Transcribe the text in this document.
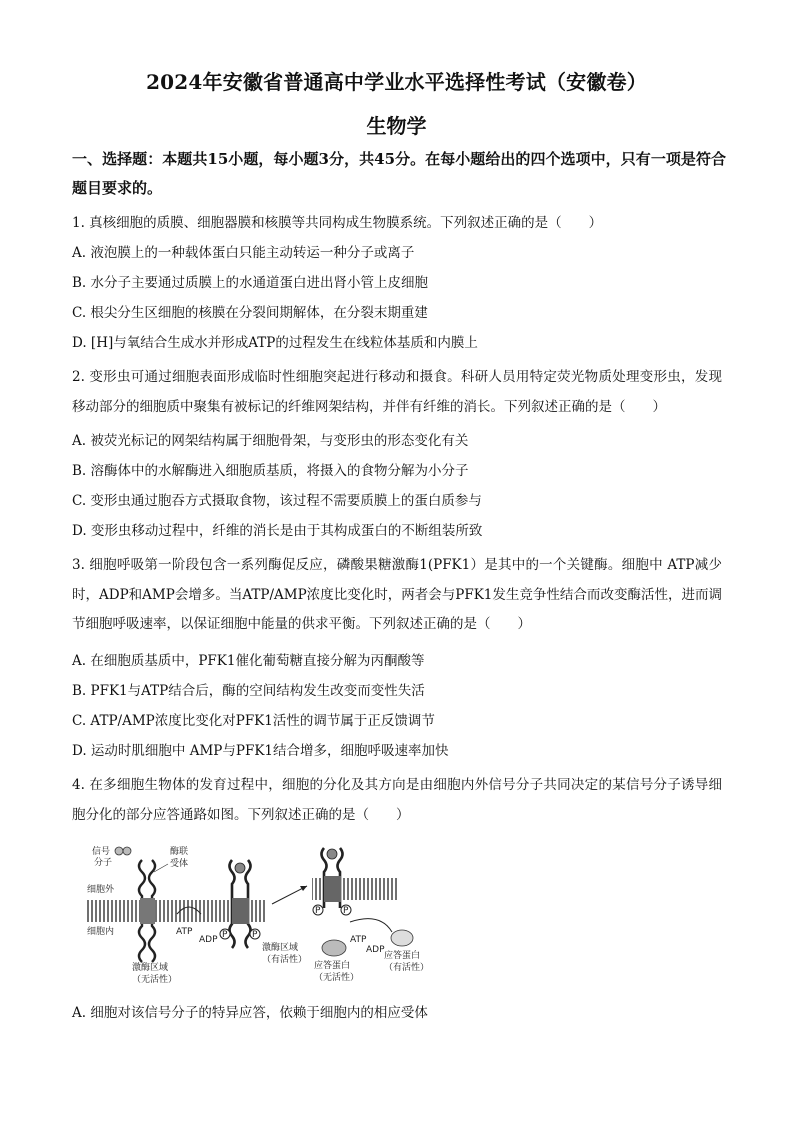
2024年安徽省普通高中学业水平选择性考试（安徽卷）
生物学
一、选择题：本题共15小题，每小题3分，共45分。在每小题给出的四个选项中，只有一项是符合题目要求的。
1. 真核细胞的质膜、细胞器膜和核膜等共同构成生物膜系统。下列叙述正确的是（　　）
A. 液泡膜上的一种载体蛋白只能主动转运一种分子或离子
B. 水分子主要通过质膜上的水通道蛋白进出肾小管上皮细胞
C. 根尖分生区细胞的核膜在分裂间期解体，在分裂末期重建
D. [H]与氧结合生成水并形成ATP的过程发生在线粒体基质和内膜上
2. 变形虫可通过细胞表面形成临时性细胞突起进行移动和摄食。科研人员用特定荧光物质处理变形虫，发现移动部分的细胞质中聚集有被标记的纤维网架结构，并伴有纤维的消长。下列叙述正确的是（　　）
A. 被荧光标记的网架结构属于细胞骨架，与变形虫的形态变化有关
B. 溶酶体中的水解酶进入细胞质基质，将摄入的食物分解为小分子
C. 变形虫通过胞吞方式摄取食物，该过程不需要质膜上的蛋白质参与
D. 变形虫移动过程中，纤维的消长是由于其构成蛋白的不断组装所致
3. 细胞呼吸第一阶段包含一系列酶促反应，磷酸果糖激酶1(PFK1）是其中的一个关键酶。细胞中 ATP减少时，ADP和AMP会增多。当ATP/AMP浓度比变化时，两者会与PFK1发生竞争性结合而改变酶活性，进而调节细胞呼吸速率，以保证细胞中能量的供求平衡。下列叙述正确的是（　　）
A. 在细胞质基质中，PFK1催化葡萄糖直接分解为丙酮酸等
B. PFK1与ATP结合后，酶的空间结构发生改变而变性失活
C. ATP/AMP浓度比变化对PFK1活性的调节属于正反馈调节
D. 运动时肌细胞中 AMP与PFK1结合增多，细胞呼吸速率加快
4. 在多细胞生物体的发育过程中，细胞的分化及其方向是由细胞内外信号分子共同决定的某信号分子诱导细胞分化的部分应答通路如图。下列叙述正确的是（　　）
信号
分子
酶联
受体
细胞外
细胞内
激酶区域
（无活性）
ATP
ADP P	P
激酶区域
（有活性）
P	P
ATP
ADP
应答蛋白
（无活性）
应答蛋白
（有活性）
A. 细胞对该信号分子的特异应答，依赖于细胞内的相应受体
